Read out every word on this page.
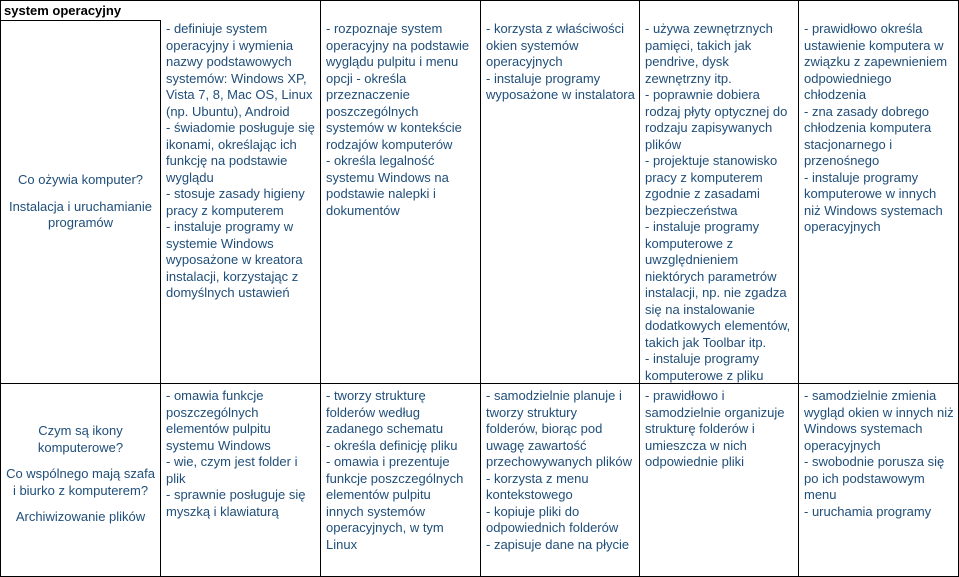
system operacyjny
Co ożywia komputer?
Instalacja i uruchamianie
programów
Czym są ikony
komputerowe?
Co wspólnego mają szafa
i biurko z komputerem?
Archiwizowanie plików
- definiuje system
operacyjny i wymienia
nazwy podstawowych
systemów: Windows XP,
Vista 7, 8, Mac OS, Linux
(np. Ubuntu), Android
- świadomie posługuje się
ikonami, określając ich
funkcję na podstawie
wyglądu
- stosuje zasady higieny
pracy z komputerem
- instaluje programy w
systemie Windows
wyposażone w kreatora
instalacji, korzystając z
domyślnych ustawień
- rozpoznaje system
operacyjny na podstawie
wyglądu pulpitu i menu
opcji - określa
przeznaczenie
poszczególnych
systemów w kontekście
rodzajów komputerów
- określa legalność
systemu Windows na
podstawie nalepki i
dokumentów
- korzysta z właściwości
okien systemów
operacyjnych
- instaluje programy
wyposażone w instalatora
- używa zewnętrznych
pamięci, takich jak
pendrive, dysk
zewnętrzny itp.
- poprawnie dobiera
rodzaj płyty optycznej do
rodzaju zapisywanych
plików
- projektuje stanowisko
pracy z komputerem
zgodnie z zasadami
bezpieczeństwa
- instaluje programy
komputerowe z
uwzględnieniem
niektórych parametrów
instalacji, np. nie zgadza
się na instalowanie
dodatkowych elementów,
takich jak Toolbar itp.
- instaluje programy
komputerowe z pliku
- prawidłowo określa
ustawienie komputera w
związku z zapewnieniem
odpowiedniego
chłodzenia
- zna zasady dobrego
chłodzenia komputera
stacjonarnego i
przenośnego
- instaluje programy
komputerowe w innych
niż Windows systemach
operacyjnych
- omawia funkcje
poszczególnych
elementów pulpitu
systemu Windows
- wie, czym jest folder i
plik
- sprawnie posługuje się
myszką i klawiaturą
- tworzy strukturę
folderów według
zadanego schematu
- określa definicję pliku
- omawia i prezentuje
funkcje poszczególnych
elementów pulpitu
innych systemów
operacyjnych, w tym
Linux
- samodzielnie planuje i
tworzy struktury
folderów, biorąc pod
uwagę zawartość
przechowywanych plików
- korzysta z menu
kontekstowego
- kopiuje pliki do
odpowiednich folderów
- zapisuje dane na płycie
- prawidłowo i
samodzielnie organizuje
strukturę folderów i
umieszcza w nich
odpowiednie pliki
- samodzielnie zmienia
wygląd okien w innych niż
Windows systemach
operacyjnych
- swobodnie porusza się
po ich podstawowym
menu
- uruchamia programy
